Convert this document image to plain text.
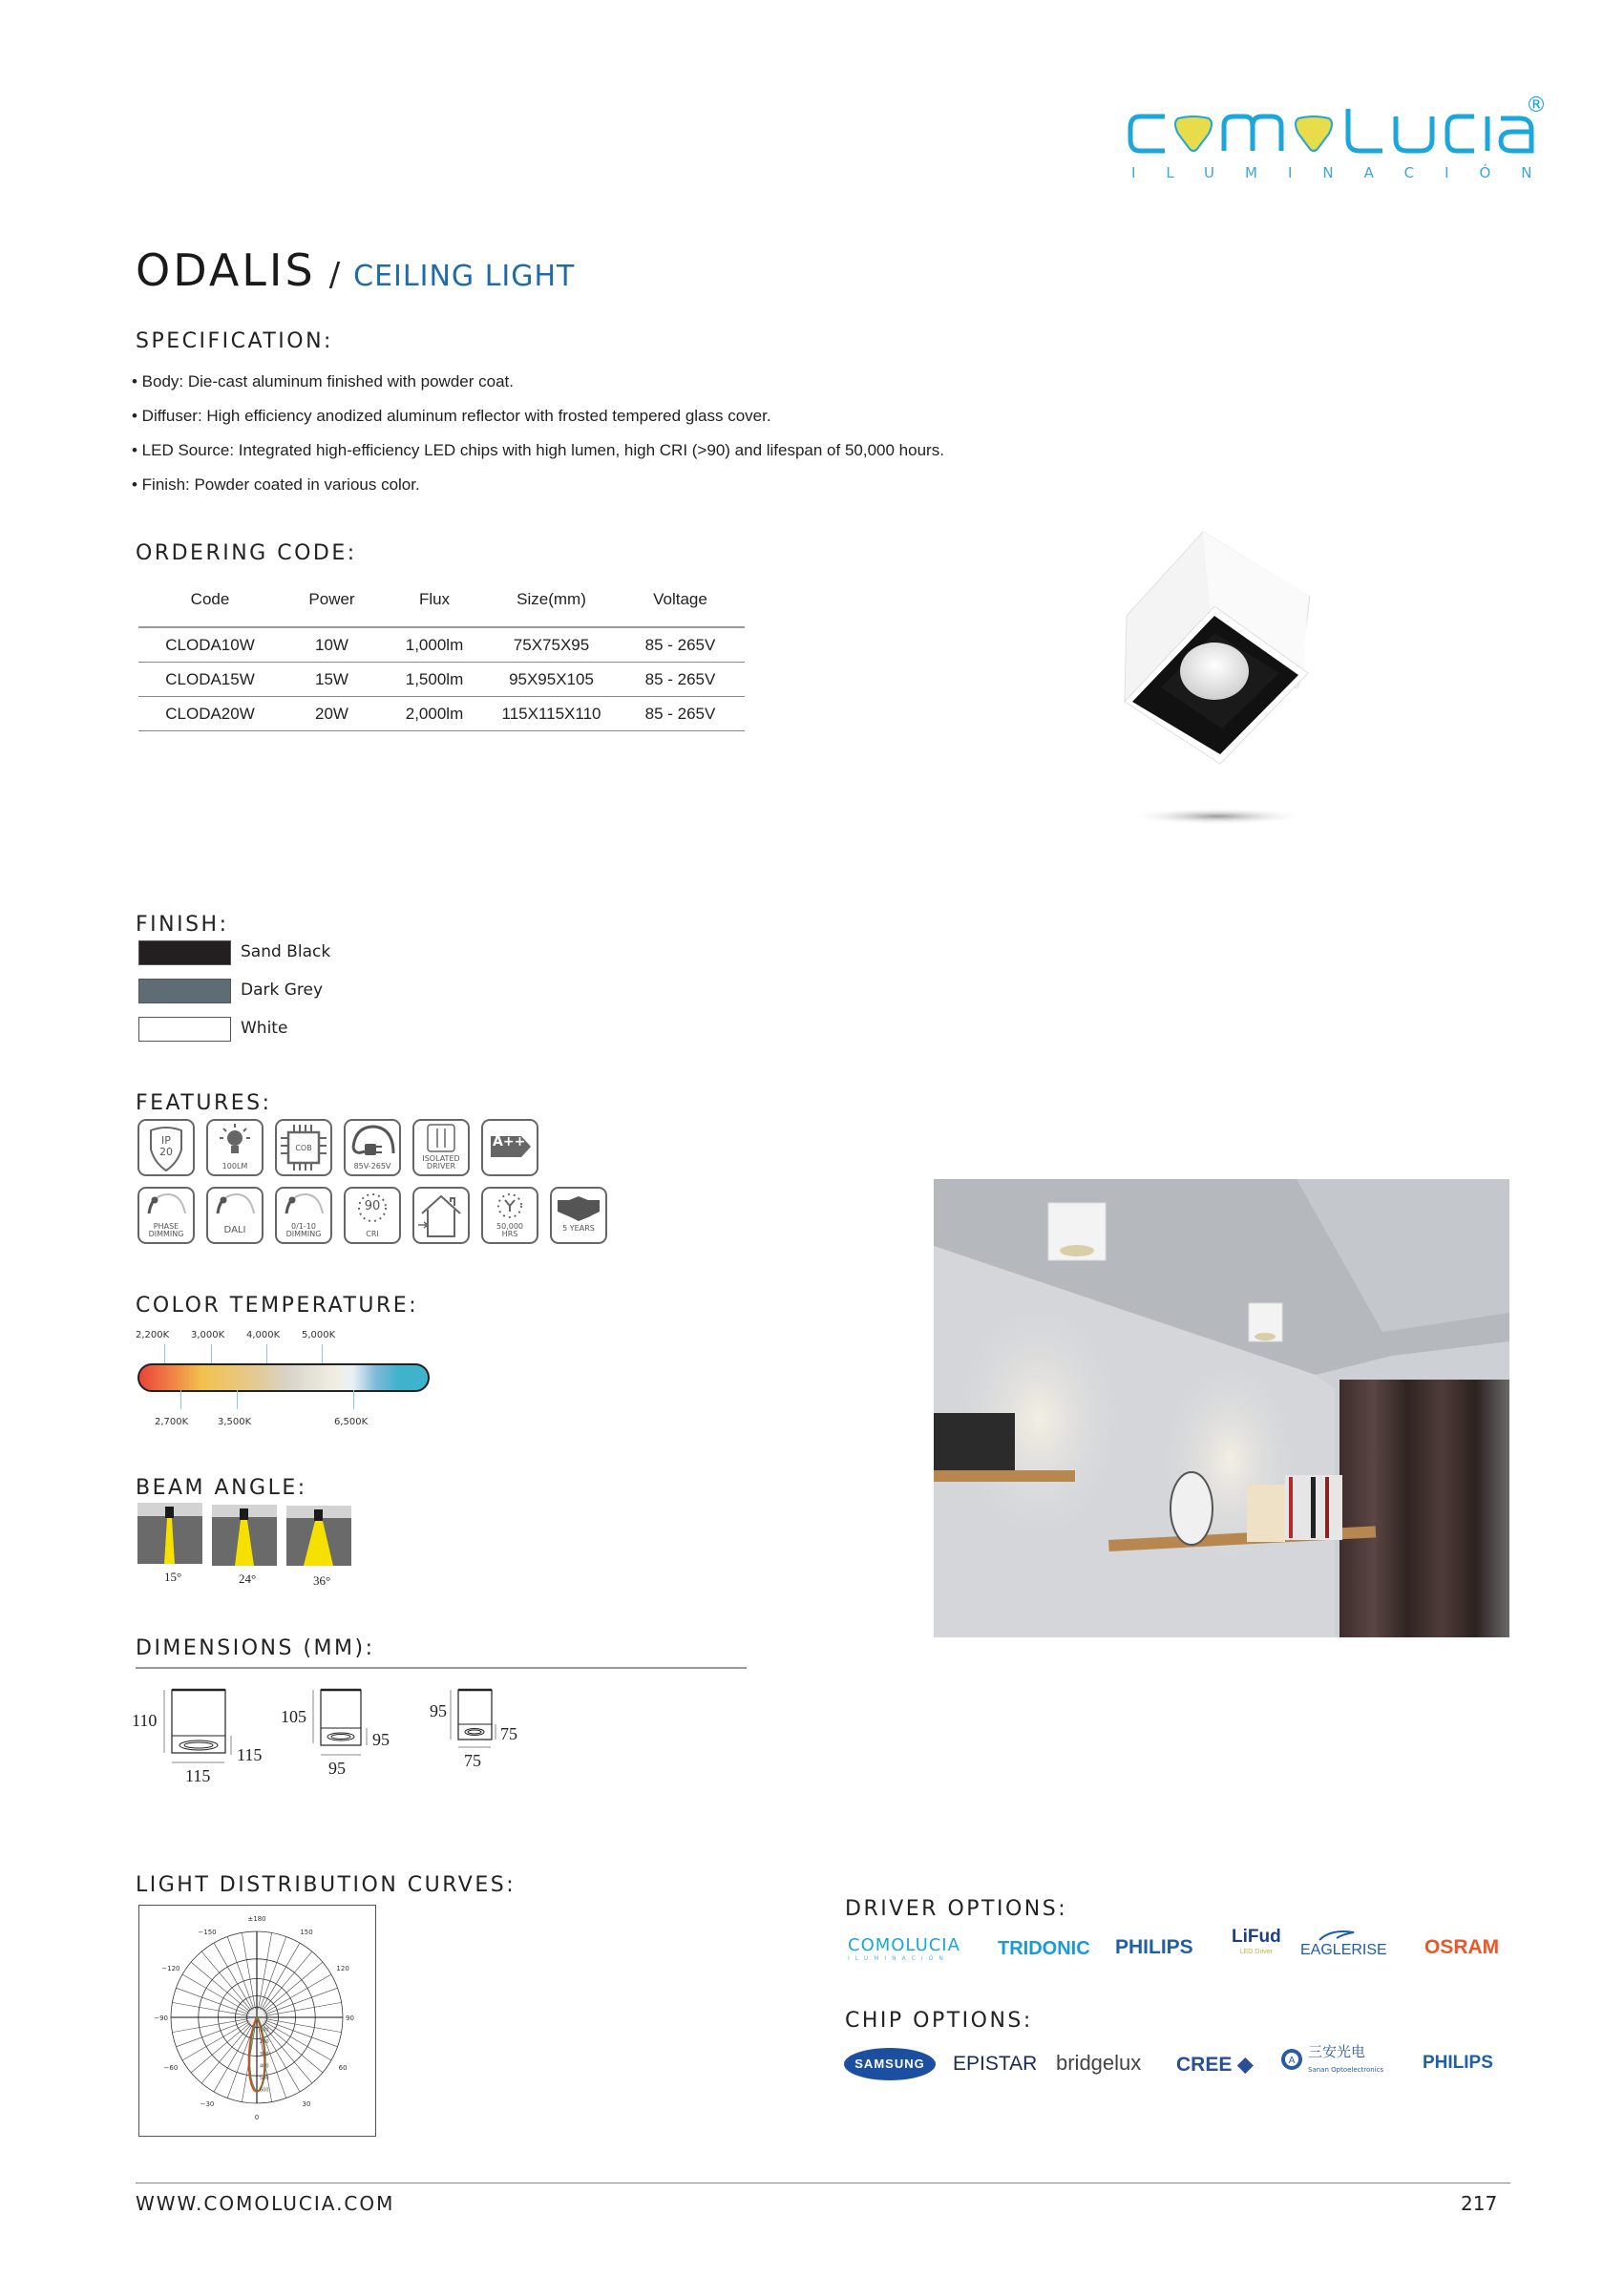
®
ILUMINACIÓN
ODALIS / CEILING LIGHT
SPECIFICATION:
• Body: Die-cast aluminum finished with powder coat.
• Diffuser: High efficiency anodized aluminum reflector with frosted tempered glass cover.
• LED Source: Integrated high-efficiency LED chips with high lumen, high CRI (>90) and lifespan of 50,000 hours.
• Finish: Powder coated in various color.
ORDERING CODE:
Code	Power	Flux	Size(mm)	Voltage
CLODA10W	10W	1,000lm	75X75X95	85 - 265V
CLODA15W	15W	1,500lm	95X95X105	85 - 265V
CLODA20W	20W	2,000lm	115X115X110	85 - 265V
FINISH:
Sand Black
Dark Grey
White
FEATURES:
IP
20
100LM
COB
85V-265V
ISOLATED
DRIVER
A++
PHASE
DIMMING	DALI	0/1-10
DIMMING
90
CRI
50,000
HRS
5 YEARS
COLOR TEMPERATURE:
2,200K 3,000K 4,000K 5,000K
2,700K	3,500K	6,500K
BEAM ANGLE:
15°	24°	36°
DIMENSIONS (MM):
110
115
115
105
95
95
95
75
75
LIGHT DISTRIBUTION CURVES:
100
200
300
400
500
600
±180
−150	150
−120	120
−90	90
−60	60
−30	30
0
DRIVER OPTIONS:
COMOLUCIA
ILUMINACIÓN	TRIDONIC PHILIPS LiFud
LED Driver	EAGLERISE OSRAM
CHIP OPTIONS:
SAMSUNG	EPISTAR bridgelux CREE ◆	A
三安光电
Sanan Optoelectronics PHILIPS
WWW.COMOLUCIA.COM	217
